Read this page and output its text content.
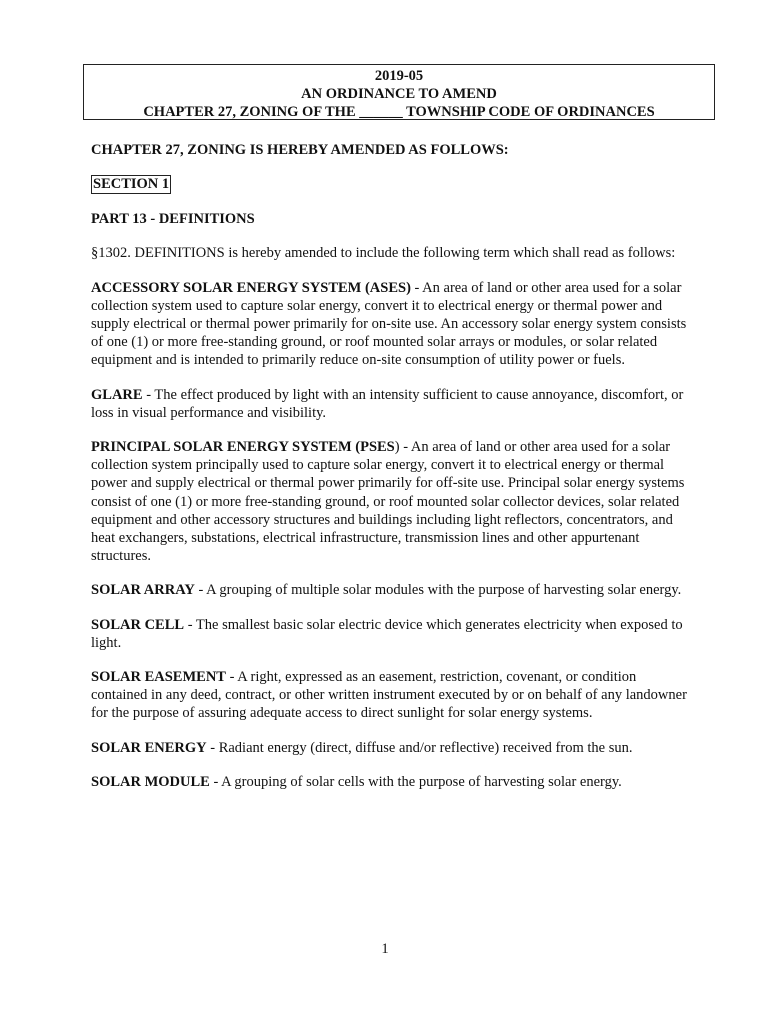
2019-05
AN ORDINANCE TO AMEND
CHAPTER 27, ZONING OF THE ______ TOWNSHIP CODE OF ORDINANCES

CHAPTER 27, ZONING IS HEREBY AMENDED AS FOLLOWS:

SECTION 1

PART 13 - DEFINITIONS

§1302. DEFINITIONS is hereby amended to include the following term which shall read as follows:

ACCESSORY SOLAR ENERGY SYSTEM (ASES) - An area of land or other area used for a solar collection system used to capture solar energy, convert it to electrical energy or thermal power and supply electrical or thermal power primarily for on-site use. An accessory solar energy system consists of one (1) or more free-standing ground, or roof mounted solar arrays or modules, or solar related equipment and is intended to primarily reduce on-site consumption of utility power or fuels.

GLARE - The effect produced by light with an intensity sufficient to cause annoyance, discomfort, or loss in visual performance and visibility.

PRINCIPAL SOLAR ENERGY SYSTEM (PSES) - An area of land or other area used for a solar collection system principally used to capture solar energy, convert it to electrical energy or thermal power and supply electrical or thermal power primarily for off-site use. Principal solar energy systems consist of one (1) or more free-standing ground, or roof mounted solar collector devices, solar related equipment and other accessory structures and buildings including light reflectors, concentrators, and heat exchangers, substations, electrical infrastructure, transmission lines and other appurtenant structures.

SOLAR ARRAY - A grouping of multiple solar modules with the purpose of harvesting solar energy.

SOLAR CELL - The smallest basic solar electric device which generates electricity when exposed to light.

SOLAR EASEMENT - A right, expressed as an easement, restriction, covenant, or condition contained in any deed, contract, or other written instrument executed by or on behalf of any landowner for the purpose of assuring adequate access to direct sunlight for solar energy systems.

SOLAR ENERGY - Radiant energy (direct, diffuse and/or reflective) received from the sun.

SOLAR MODULE - A grouping of solar cells with the purpose of harvesting solar energy.

1
